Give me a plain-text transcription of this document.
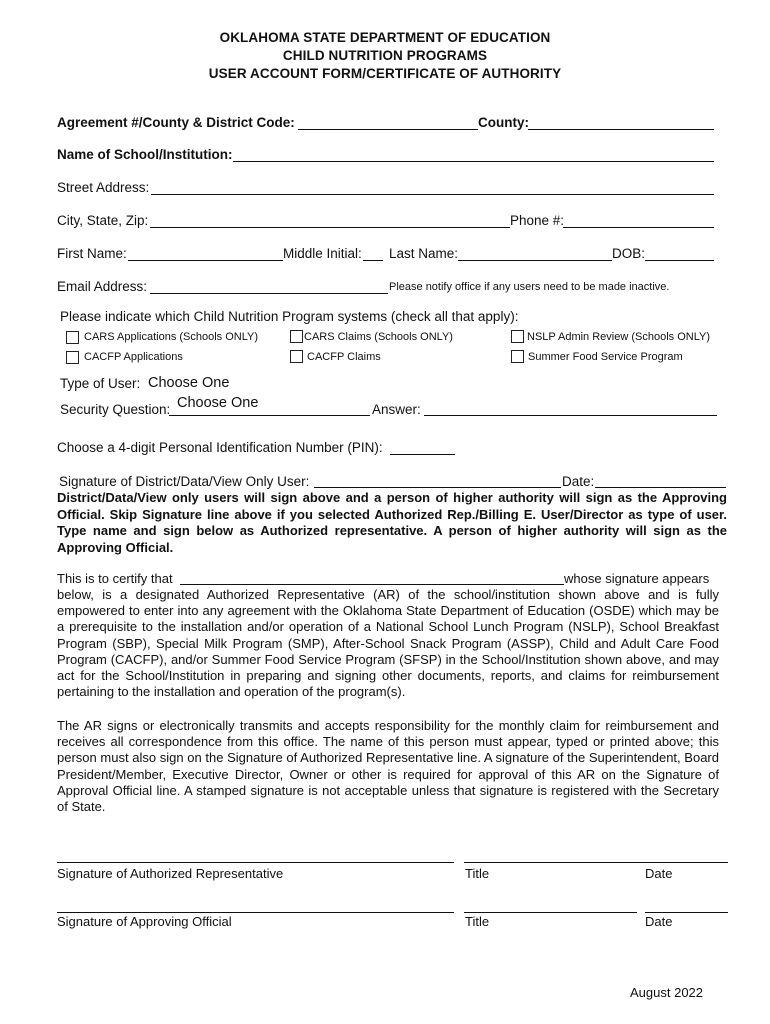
OKLAHOMA STATE DEPARTMENT OF EDUCATION
CHILD NUTRITION PROGRAMS
USER ACCOUNT FORM/CERTIFICATE OF AUTHORITY
Agreement #/County & District Code:	County:
Name of School/Institution:
Street Address:
City, State, Zip:	Phone #:
First Name:	Middle Initial: Last Name:	DOB:
Email Address:	Please notify office if any users need to be made inactive.
Please indicate which Child Nutrition Program systems (check all that apply):
CARS Applications (Schools ONLY)	CARS Claims (Schools ONLY)	NSLP Admin Review (Schools ONLY)
CACFP Applications	CACFP Claims	Summer Food Service Program
Type of User: Choose One
Security Question: Choose One	Answer:
Choose a 4-digit Personal Identification Number (PIN):
Signature of District/Data/View Only User:	Date:
District/Data/View only users will sign above and a person of higher authority will sign as the Approving Official. Skip Signature line above if you selected Authorized Rep./Billing E. User/Director as type of user. Type name and sign below as Authorized representative. A person of higher authority will sign as the Approving Official.
This is to certify that	whose signature appears
below, is a designated Authorized Representative (AR) of the school/institution shown above and is fully empowered to enter into any agreement with the Oklahoma State Department of Education (OSDE) which may be a prerequisite to the installation and/or operation of a National School Lunch Program (NSLP), School Breakfast Program (SBP), Special Milk Program (SMP), After-School Snack Program (ASSP), Child and Adult Care Food Program (CACFP), and/or Summer Food Service Program (SFSP) in the School/Institution shown above, and may act for the School/Institution in preparing and signing other documents, reports, and claims for reimbursement pertaining to the installation and operation of the program(s).
The AR signs or electronically transmits and accepts responsibility for the monthly claim for reimbursement and receives all correspondence from this office. The name of this person must appear, typed or printed above; this person must also sign on the Signature of Authorized Representative line. A signature of the Superintendent, Board President/Member, Executive Director, Owner or other is required for approval of this AR on the Signature of Approval Official line. A stamped signature is not acceptable unless that signature is registered with the Secretary of State.
Signature of Authorized Representative	Title	Date
Signature of Approving Official	Title	Date
August 2022
